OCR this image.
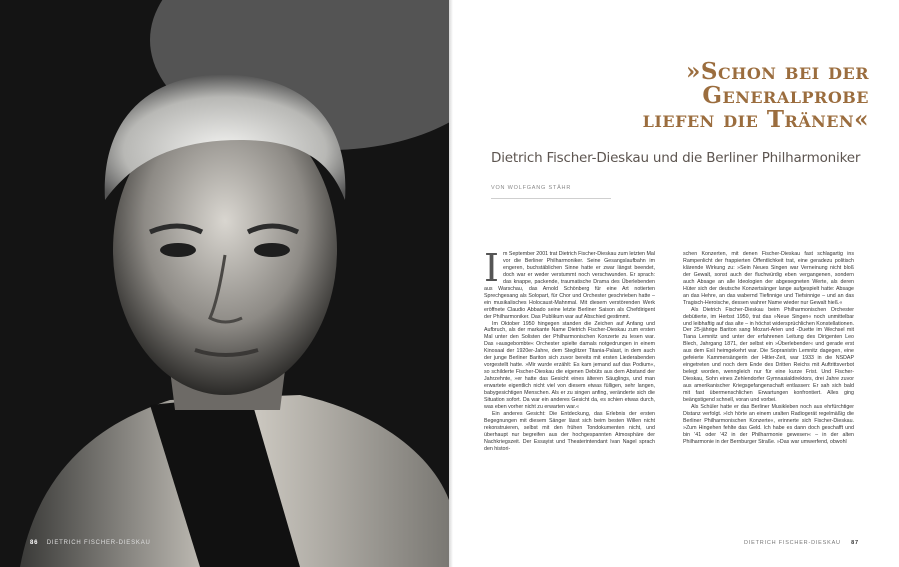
86 DIETRICH FISCHER-DIESKAU
»Schon bei der
Generalprobe
liefen die Tränen«
Dietrich Fischer-Dieskau und die Berliner Philharmoniker
VON WOLFGANG STÄHR

Im September 2001 trat Dietrich Fischer-Dieskau zum letzten Mal vor die Berliner Philharmoniker. Seine Gesangslaufbahn im engeren, buchstäblichen Sinne hatte er zwar längst beendet, doch war er weder verstummt noch verschwunden. Er sprach: das knappe, packende, traumatische Drama des Überlebenden aus Warschau, das Arnold Schönberg für eine Art notierten Sprechgesang als Solopart, für Chor und Orchester geschrieben hatte – ein musikalisches Holocaust-Mahnmal. Mit diesem verstörenden Werk eröffnete Claudio Abbado seine letzte Berliner Saison als Chefdirigent der Philharmoniker. Das Publikum war auf Abschied gestimmt.

Im Oktober 1950 hingegen standen die Zeichen auf Anfang und Aufbruch, als der markante Name Dietrich Fischer-Dieskau zum ersten Mal unter den Solisten der Philharmonischen Konzerte zu lesen war. Das »ausgebombte« Orchester spielte damals notgedrungen in einem Kinosaal der 1920er-Jahre, dem Steglitzer Titania-Palast, in dem auch der junge Berliner Bariton sich zuvor bereits mit ersten Liederabenden vorgestellt hatte. »Mir wurde erzählt: Es kam jemand auf das Podium«, so schilderte Fischer-Dieskau die eigenen Debüts aus dem Abstand der Jahrzehnte, »er hatte das Gesicht eines älteren Säuglings, und man erwartete eigentlich nicht viel von diesem etwas fülligen, sehr langen, babygesichtigen Menschen. Als er zu singen anfing, veränderte sich die Situation sofort. Da war ein anderes Gesicht da, es schien etwas durch, was eben vorher nicht zu erwarten war.«

Ein anderes Gesicht: Die Entdeckung, das Erlebnis der ersten Begegnungen mit diesem Sänger lässt sich beim besten Willen nicht rekonstruieren, selbst mit den frühen Tondokumenten nicht, und überhaupt nur begreifen aus der hochgespannten Atmosphäre der Nachkriegszeit. Der Essayist und Theaterintendant Ivan Nagel sprach den histori-

schen Konzerten, mit denen Fischer-Dieskau fast schlagartig ins Rampenlicht der frappierten Öffentlichkeit trat, eine geradezu politisch klärende Wirkung zu: »Sein Neues Singen war Verneinung nicht bloß der Gewalt, sonst auch der fluchwürdig eben vergangenen, sondern auch Absage an alle Ideologien der abgesegneten Werte, als deren Hüter sich der deutsche Konzertsänger lange aufgespielt hatte: Absage an das Hehre, an das wabernd Tiefinnige und Tiefsinnige – und an das Tragisch-Heroische, dessen wahrer Name wieder nur Gewalt hieß.«

Als Dietrich Fischer-Dieskau beim Philharmonischen Orchester debütierte, im Herbst 1950, trat das »Neue Singen« noch unmittelbar und leibhaftig auf das alte – in höchst widersprüchlichen Konstellationen. Der 25-jährige Bariton sang Mozart-Arien und -Duette im Wechsel mit Tiana Lemnitz und unter der erfahrenen Leitung des Dirigenten Leo Blech, Jahrgang 1871, der selbst ein »Überlebender« und gerade erst aus dem Exil heimgekehrt war. Die Sopranistin Lemnitz dagegen, eine gefeierte Kammersängerin der Hitler-Zeit, war 1933 in die NSDAP eingetreten und noch dem Ende des Dritten Reichs mit Auftrittsverbot belegt worden, wenngleich nur für eine kurze Frist. Und Fischer-Dieskau, Sohn eines Zehlendorfer Gymnasialdirektors, drei Jahre zuvor aus amerikanischer Kriegsgefangenschaft entlassen: Er sah sich bald mit fast übermenschlichen Erwartungen konfrontiert. Alles ging beängstigend schnell, voran und vorbei.

Als Schüler hatte er das Berliner Musikleben noch aus ehrfürchtiger Distanz verfolgt. »Ich hörte an einem uralten Radiogerät regelmäßig die Berliner Philharmonischen Konzerte«, erinnerte sich Fischer-Dieskau. »Zum Hingehen fehlte das Geld. Ich habe es dann doch geschafft und bin '41 oder '42 in der Philharmonie gewesen« – in der alten Philharmonie in der Bernburger Straße. »Das war umwerfend, obwohl

DIETRICH FISCHER-DIESKAU 87
